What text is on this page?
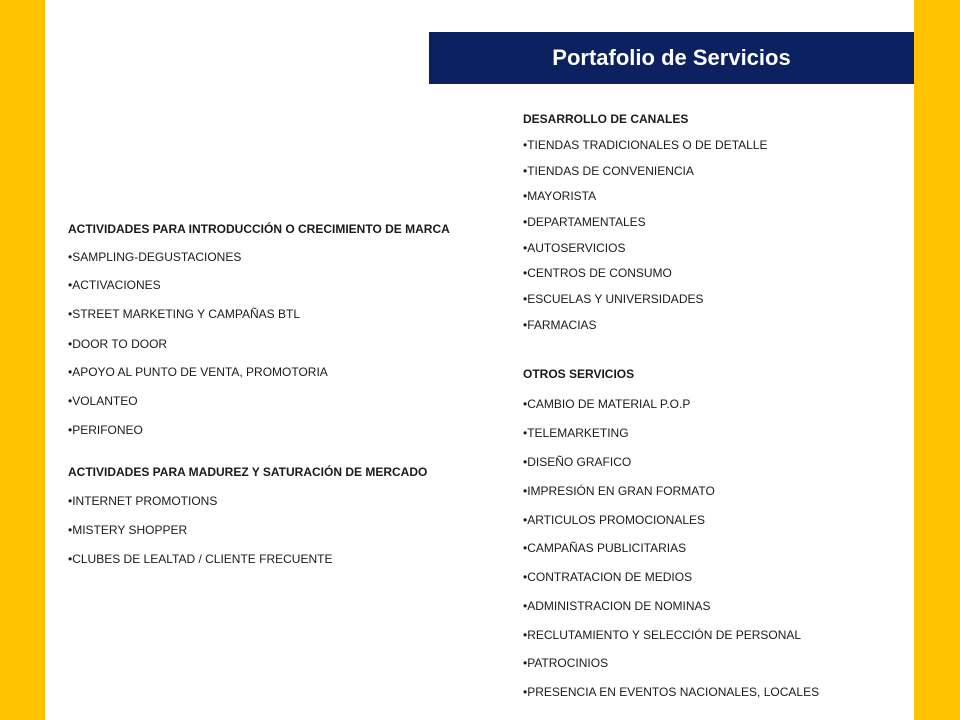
Portafolio de Servicios
ACTIVIDADES PARA INTRODUCCIÓN O CRECIMIENTO DE MARCA
•SAMPLING-DEGUSTACIONES
•ACTIVACIONES
•STREET MARKETING Y CAMPAÑAS BTL
•DOOR TO DOOR
•APOYO AL PUNTO DE VENTA, PROMOTORIA
•VOLANTEO
•PERIFONEO
ACTIVIDADES PARA MADUREZ Y SATURACIÓN DE MERCADO
•INTERNET PROMOTIONS
•MISTERY SHOPPER
•CLUBES DE LEALTAD / CLIENTE FRECUENTE
DESARROLLO DE CANALES
•TIENDAS TRADICIONALES O DE DETALLE
•TIENDAS DE CONVENIENCIA
•MAYORISTA
•DEPARTAMENTALES
•AUTOSERVICIOS
•CENTROS DE CONSUMO
•ESCUELAS Y UNIVERSIDADES
•FARMACIAS
OTROS SERVICIOS
•CAMBIO DE MATERIAL P.O.P
•TELEMARKETING
•DISEÑO GRAFICO
•IMPRESIÓN EN GRAN FORMATO
•ARTICULOS PROMOCIONALES
•CAMPAÑAS PUBLICITARIAS
•CONTRATACION DE MEDIOS
•ADMINISTRACION DE NOMINAS
•RECLUTAMIENTO Y SELECCIÓN DE PERSONAL
•PATROCINIOS
•PRESENCIA EN EVENTOS NACIONALES, LOCALES
